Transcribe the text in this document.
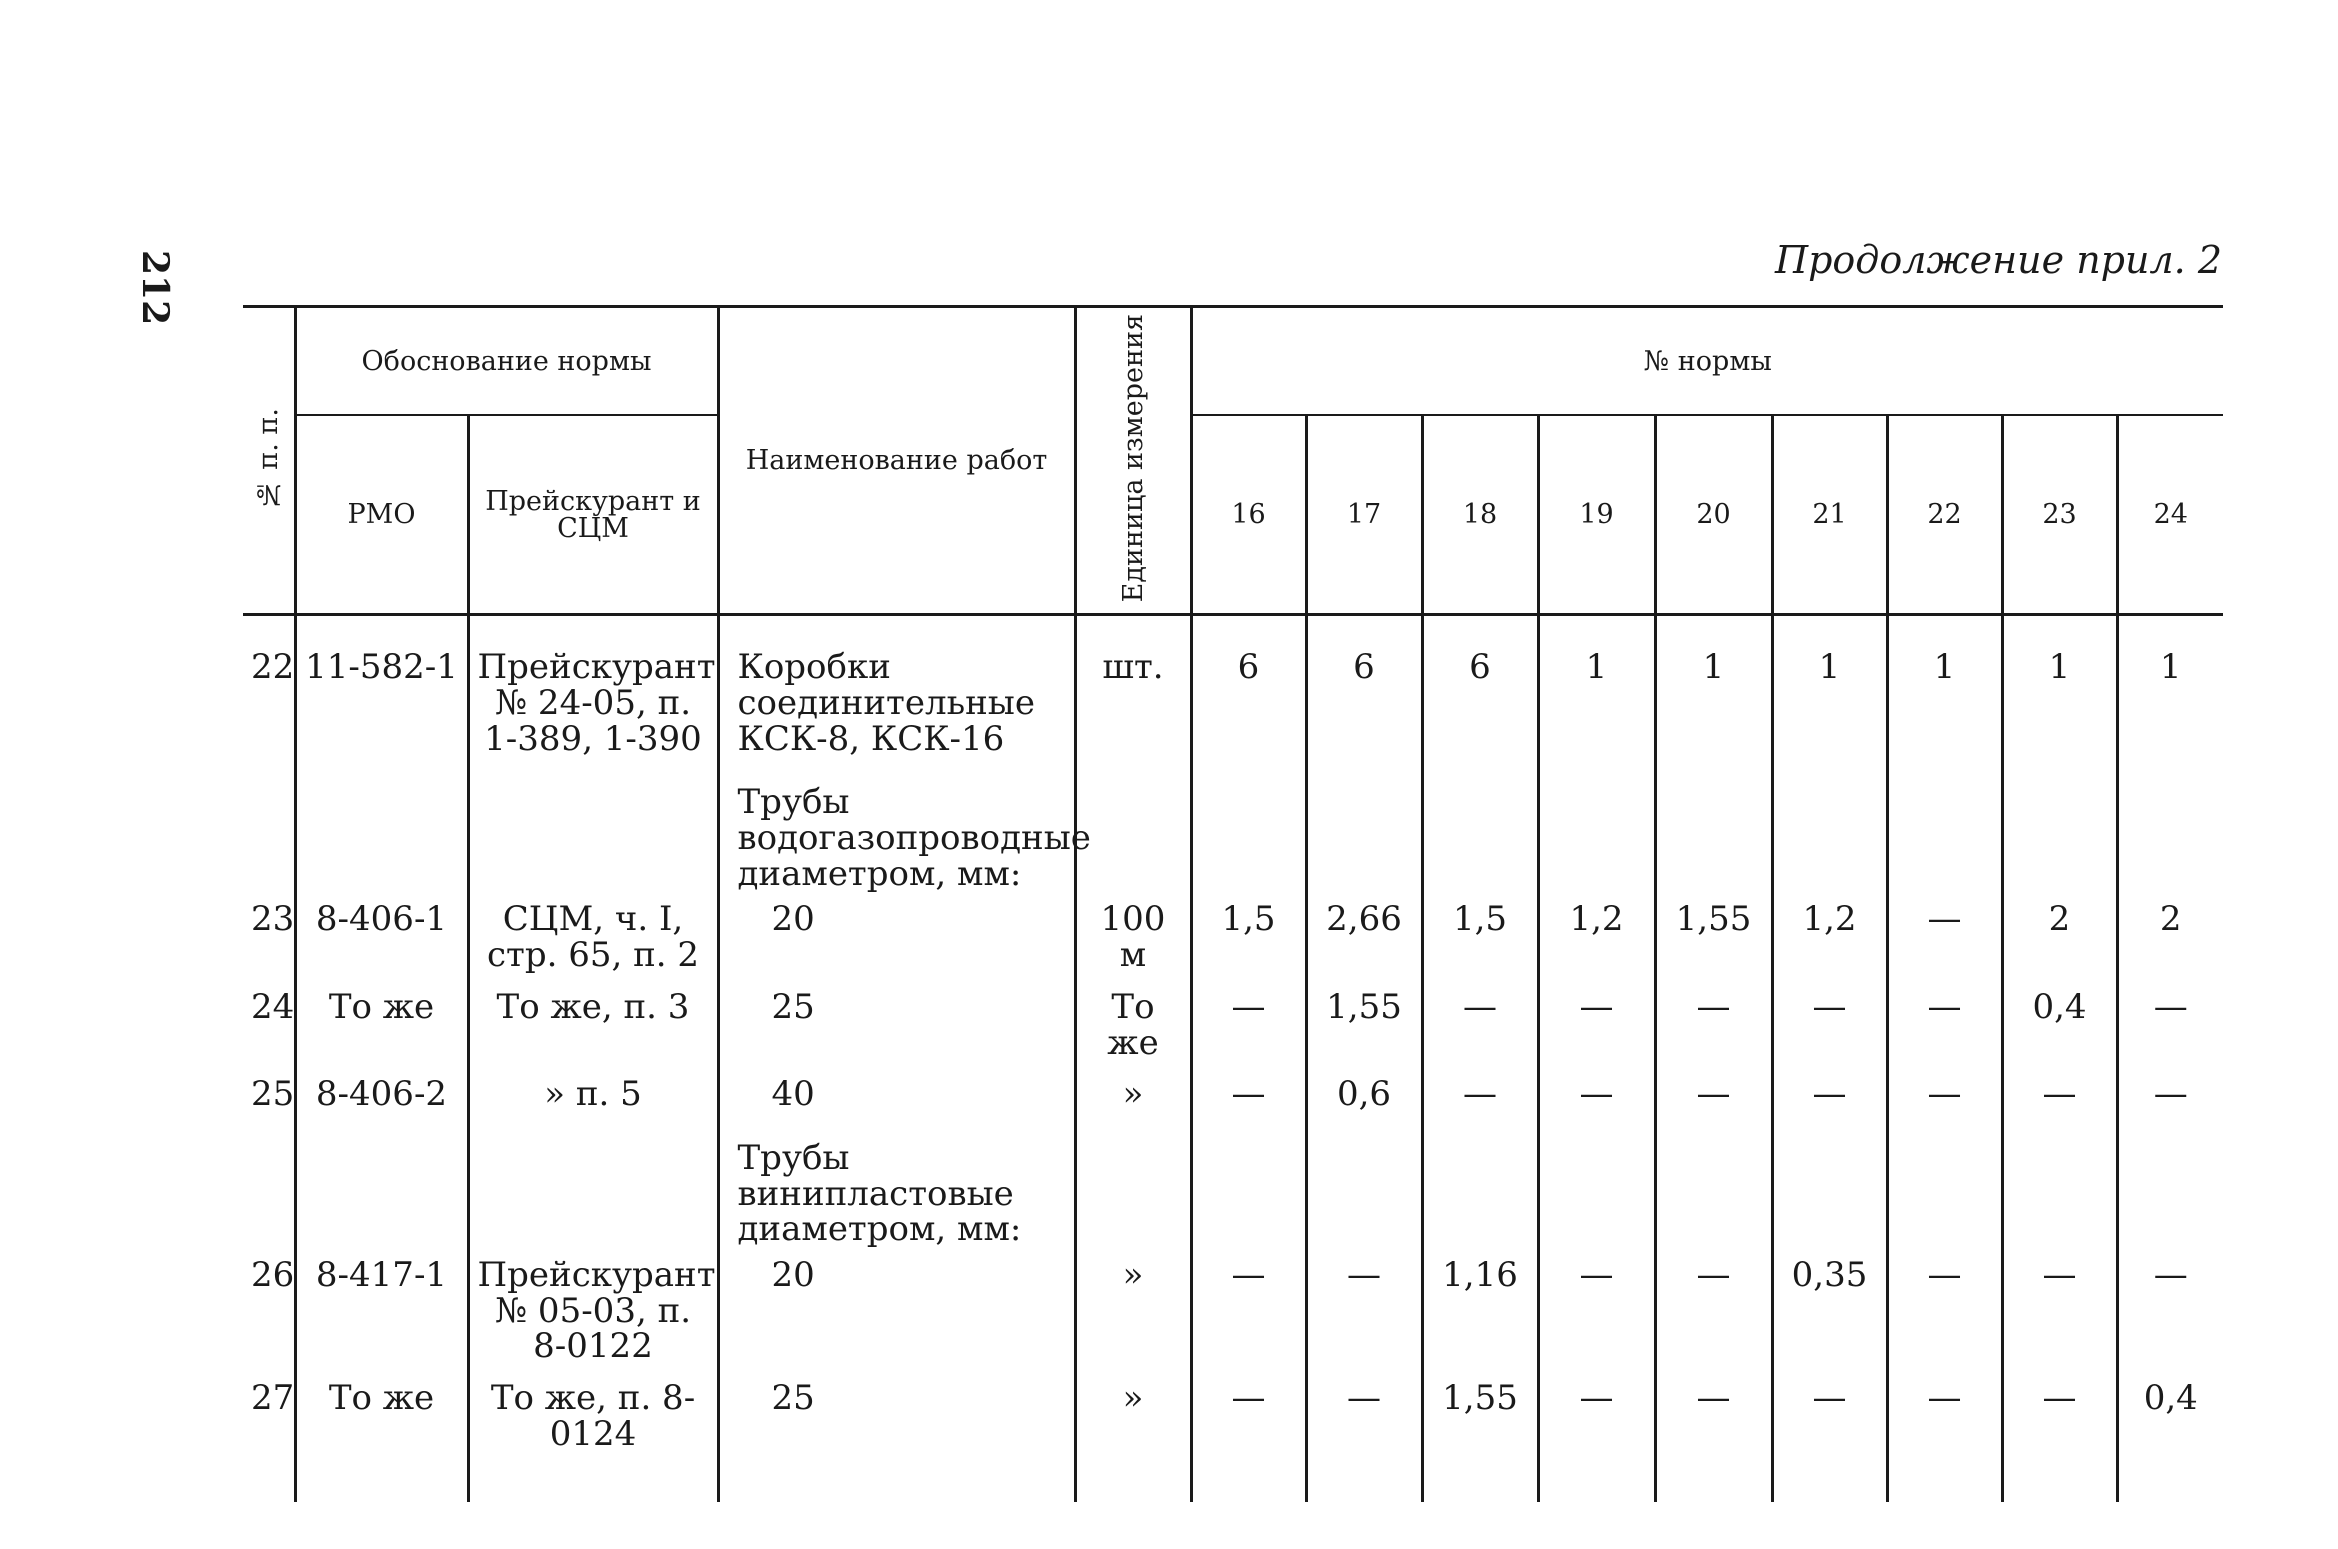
212	Продолжение прил. 2
№ п. п.	Обоснование нормы		Наименование работ	Единица измерения	№ нормы								
	РМО	Прейскурант и СЦМ			16	17	18	19	20	21	22	23	24
22	11-582-1	Прейскурант № 24-05, п. 1-389, 1-390	Коробки соединительные КСК-8, КСК-16	шт.	6	6	6	1	1	1	1	1	1
			Трубы водогазопроводные диаметром, мм:										
23	8-406-1	СЦМ, ч. I, стр. 65, п. 2	20	100 м	1,5	2,66	1,5	1,2	1,55	1,2	—	2	2
24	То же	То же, п. 3	25	То же	—	1,55	—	—	—	—	—	0,4	—
25	8-406-2	» п. 5	40	»	—	0,6	—	—	—	—	—	—	—
			Трубы винипластовые диаметром, мм:										
26	8-417-1	Прейскурант № 05-03, п. 8-0122	20	»	—	—	1,16	—	—	0,35	—	—	—
27	То же	То же, п. 8-0124	25	»	—	—	1,55	—	—	—	—	—	0,4
